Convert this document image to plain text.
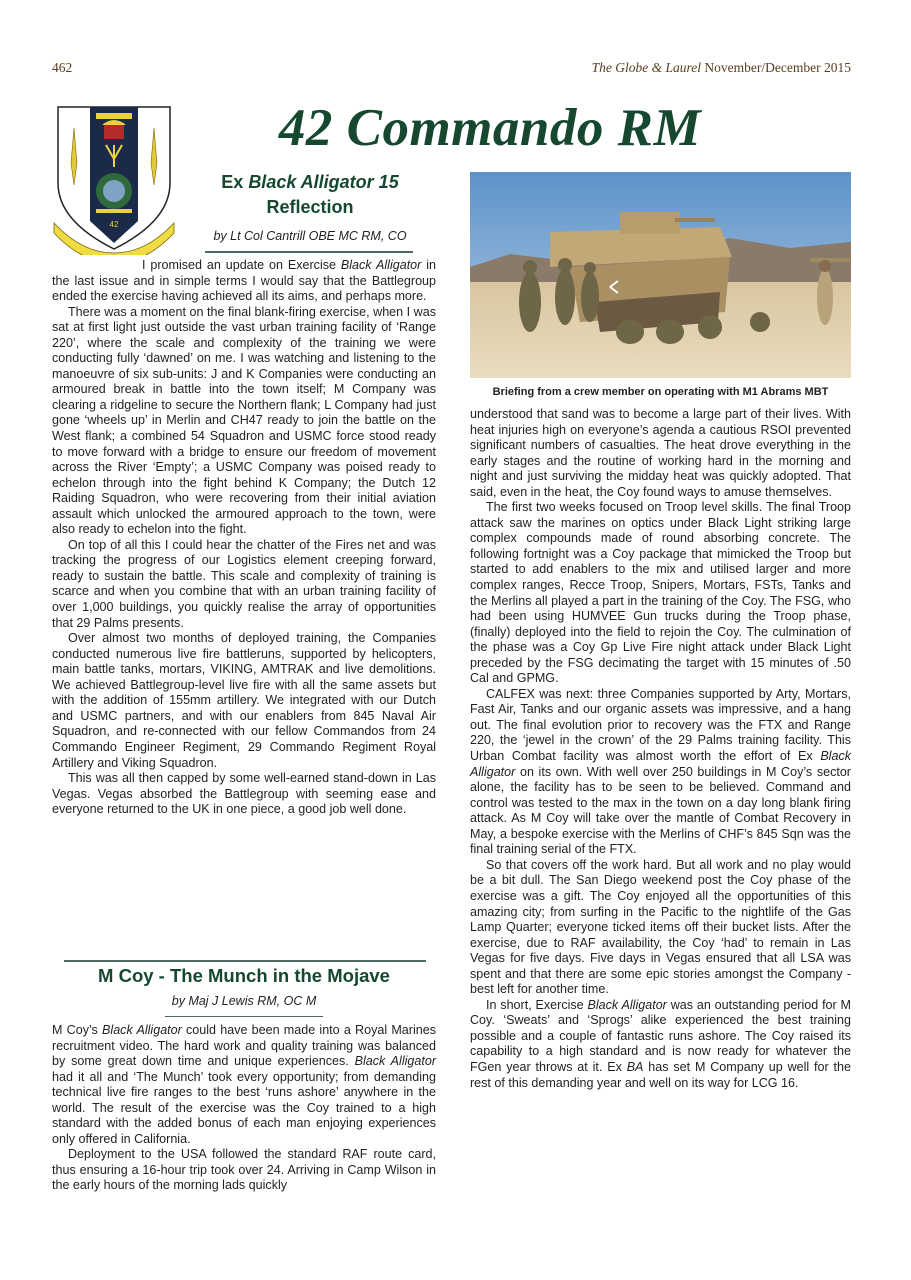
462	The Globe & Laurel November/December 2015
42
42 Commando RM
Ex Black Alligator 15
Reflection
by Lt Col Cantrill OBE MC RM, CO

I promised an update on Exercise Black Alligator in the last issue and in simple terms I would say that the Battlegroup ended the exercise having achieved all its aims, and perhaps more.

There was a moment on the final blank-firing exercise, when I was sat at first light just outside the vast urban training facility of ‘Range 220’, where the scale and complexity of the training we were conducting fully ‘dawned’ on me. I was watching and listening to the manoeuvre of six sub-units: J and K Companies were conducting an armoured break in battle into the town itself; M Company was clearing a ridgeline to secure the Northern flank; L Company had just gone ‘wheels up’ in Merlin and CH47 ready to join the battle on the West flank; a combined 54 Squadron and USMC force stood ready to move forward with a bridge to ensure our freedom of movement across the River ‘Empty’; a USMC Company was poised ready to echelon through into the fight behind K Company; the Dutch 12 Raiding Squadron, who were recovering from their initial aviation assault which unlocked the armoured approach to the town, were also ready to echelon into the fight.

On top of all this I could hear the chatter of the Fires net and was tracking the progress of our Logistics element creeping forward, ready to sustain the battle. This scale and complexity of training is scarce and when you combine that with an urban training facility of over 1,000 buildings, you quickly realise the array of opportunities that 29 Palms presents.

Over almost two months of deployed training, the Companies conducted numerous live fire battleruns, supported by helicopters, main battle tanks, mortars, VIKING, AMTRAK and live demolitions. We achieved Battlegroup-level live fire with all the same assets but with the addition of 155mm artillery. We integrated with our Dutch and USMC partners, and with our enablers from 845 Naval Air Squadron, and re-connected with our fellow Commandos from 24 Commando Engineer Regiment, 29 Commando Regiment Royal Artillery and Viking Squadron.

This was all then capped by some well-earned stand-down in Las Vegas. Vegas absorbed the Battlegroup with seeming ease and everyone returned to the UK in one piece, a good job well done.

M Coy - The Munch in the Mojave
by Maj J Lewis RM, OC M

M Coy’s Black Alligator could have been made into a Royal Marines recruitment video. The hard work and quality training was balanced by some great down time and unique experiences. Black Alligator had it all and ‘The Munch’ took every opportunity; from demanding technical live fire ranges to the best ‘runs ashore’ anywhere in the world. The result of the exercise was the Coy trained to a high standard with the added bonus of each man enjoying experiences only offered in California.

Deployment to the USA followed the standard RAF route card, thus ensuring a 16-hour trip took over 24. Arriving in Camp Wilson in the early hours of the morning lads quickly

Briefing from a crew member on operating with M1 Abrams MBT

understood that sand was to become a large part of their lives. With heat injuries high on everyone’s agenda a cautious RSOI prevented significant numbers of casualties. The heat drove everything in the early stages and the routine of working hard in the morning and night and just surviving the midday heat was quickly adopted. That said, even in the heat, the Coy found ways to amuse themselves.

The first two weeks focused on Troop level skills. The final Troop attack saw the marines on optics under Black Light striking large complex compounds made of round absorbing concrete. The following fortnight was a Coy package that mimicked the Troop but started to add enablers to the mix and utilised larger and more complex ranges, Recce Troop, Snipers, Mortars, FSTs, Tanks and the Merlins all played a part in the training of the Coy. The FSG, who had been using HUMVEE Gun trucks during the Troop phase, (finally) deployed into the field to rejoin the Coy. The culmination of the phase was a Coy Gp Live Fire night attack under Black Light preceded by the FSG decimating the target with 15 minutes of .50 Cal and GPMG.

CALFEX was next: three Companies supported by Arty, Mortars, Fast Air, Tanks and our organic assets was impressive, and a hang out. The final evolution prior to recovery was the FTX and Range 220, the ‘jewel in the crown’ of the 29 Palms training facility. This Urban Combat facility was almost worth the effort of Ex Black Alligator on its own. With well over 250 buildings in M Coy’s sector alone, the facility has to be seen to be believed. Command and control was tested to the max in the town on a day long blank firing attack. As M Coy will take over the mantle of Combat Recovery in May, a bespoke exercise with the Merlins of CHF’s 845 Sqn was the final training serial of the FTX.

So that covers off the work hard. But all work and no play would be a bit dull. The San Diego weekend post the Coy phase of the exercise was a gift. The Coy enjoyed all the opportunities of this amazing city; from surfing in the Pacific to the nightlife of the Gas Lamp Quarter; everyone ticked items off their bucket lists. After the exercise, due to RAF availability, the Coy ‘had’ to remain in Las Vegas for five days. Five days in Vegas ensured that all LSA was spent and that there are some epic stories amongst the Company - best left for another time.

In short, Exercise Black Alligator was an outstanding period for M Coy. ‘Sweats’ and ‘Sprogs’ alike experienced the best training possible and a couple of fantastic runs ashore. The Coy raised its capability to a high standard and is now ready for whatever the FGen year throws at it. Ex BA has set M Company up well for the rest of this demanding year and well on its way for LCG 16.
